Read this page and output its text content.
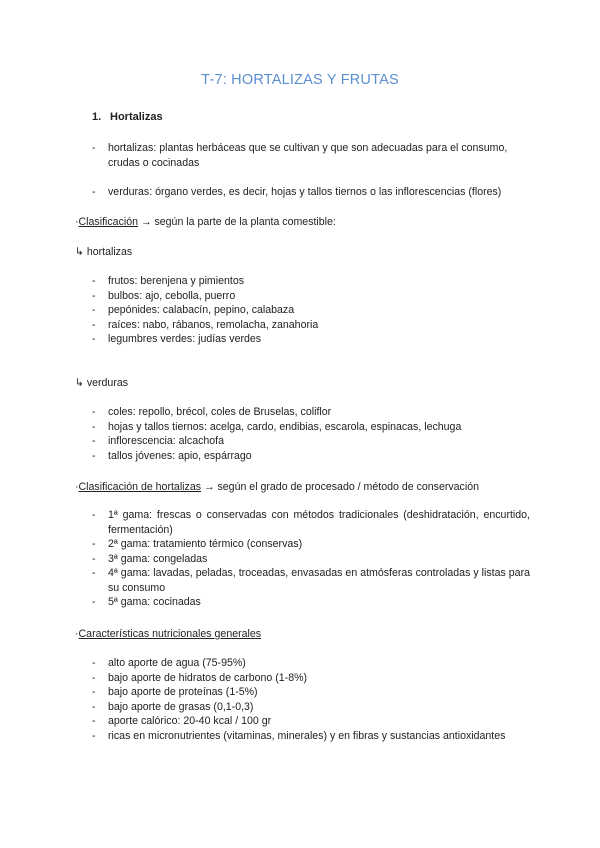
T-7: HORTALIZAS Y FRUTAS
1. Hortalizas
- hortalizas: plantas herbáceas que se cultivan y que son adecuadas para el consumo, crudas o cocinadas
- verduras: órgano verdes, es decir, hojas y tallos tiernos o las inflorescencias (flores)
·Clasificación → según la parte de la planta comestible:
↳ hortalizas
- frutos: berenjena y pimientos
- bulbos: ajo, cebolla, puerro
- pepónides: calabacín, pepino, calabaza
- raíces: nabo, rábanos, remolacha, zanahoria
- legumbres verdes: judías verdes
↳ verduras
- coles: repollo, brécol, coles de Bruselas, coliflor
- hojas y tallos tiernos: acelga, cardo, endibias, escarola, espinacas, lechuga
- inflorescencia: alcachofa
- tallos jóvenes: apio, espárrago
·Clasificación de hortalizas → según el grado de procesado / método de conservación
- 1ª gama: frescas o conservadas con métodos tradicionales (deshidratación, encurtido, fermentación)
- 2ª gama: tratamiento térmico (conservas)
- 3ª gama: congeladas
- 4ª gama: lavadas, peladas, troceadas, envasadas en atmósferas controladas y listas para su consumo
- 5ª gama: cocinadas
·Características nutricionales generales
- alto aporte de agua (75-95%)
- bajo aporte de hidratos de carbono (1-8%)
- bajo aporte de proteínas (1-5%)
- bajo aporte de grasas (0,1-0,3)
- aporte calórico: 20-40 kcal / 100 gr
- ricas en micronutrientes (vitaminas, minerales) y en fibras y sustancias antioxidantes
